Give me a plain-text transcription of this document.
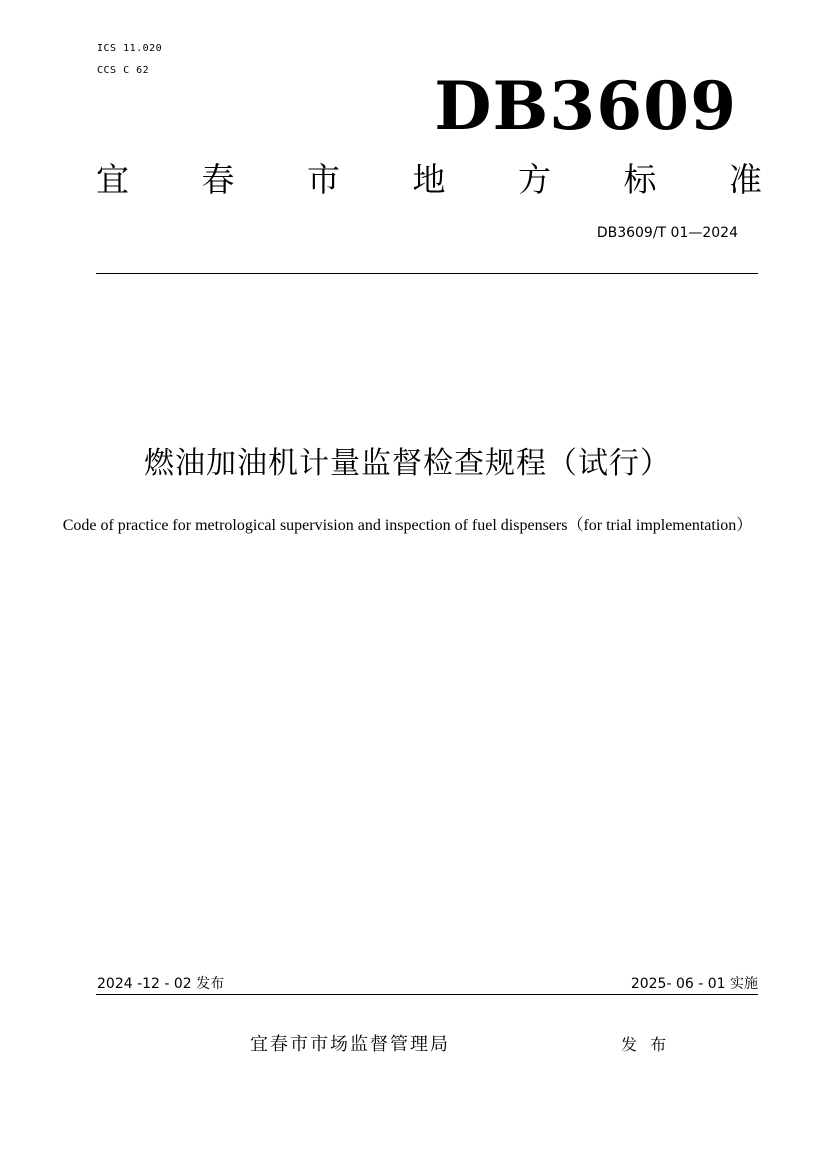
ICS 11.020
CCS C 62	DB3609
宜 春 市 地 方 标 准
DB3609/T 01—2024
燃油加油机计量监督检查规程（试行）
Code of practice for metrological supervision and inspection of fuel dispensers（for trial implementation）
2024 -12 - 02 发布	2025- 06 - 01 实施
宜春市市场监督管理局	发 布
